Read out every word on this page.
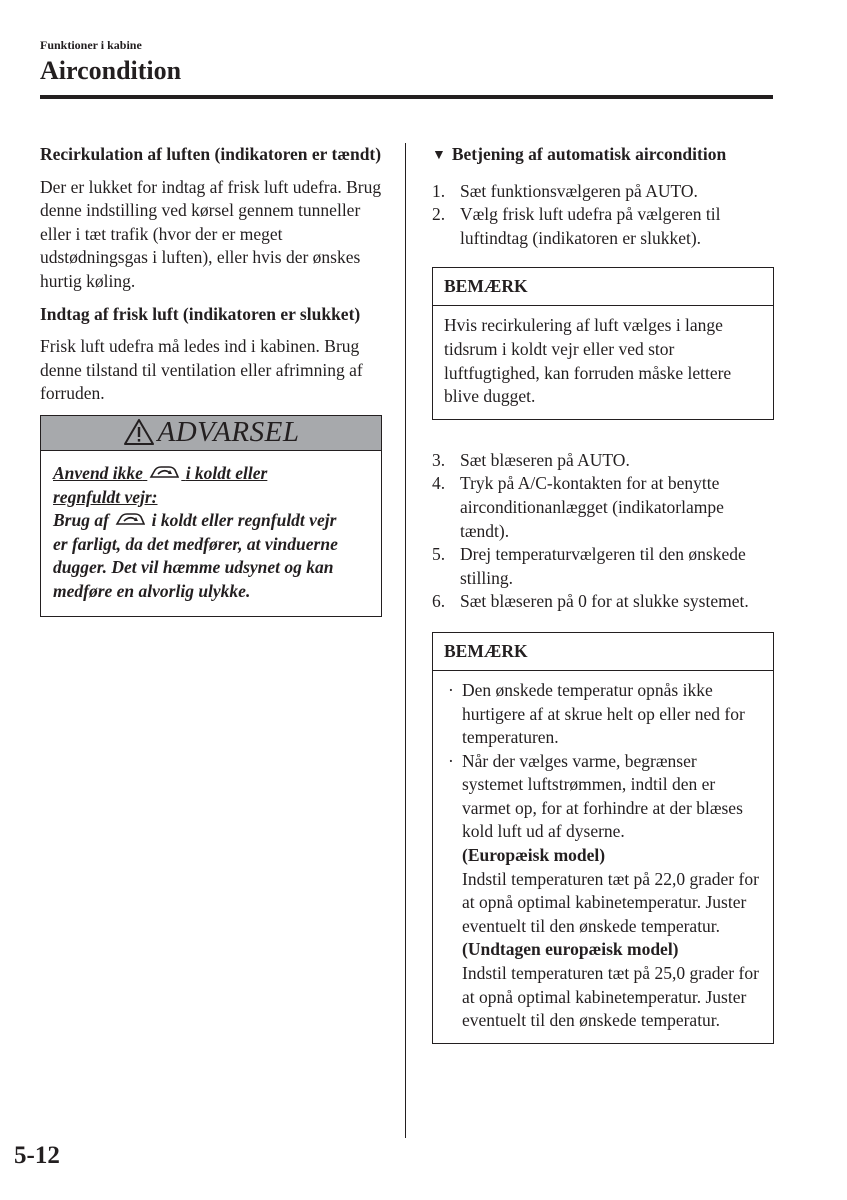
Funktioner i kabine
Aircondition

Recirkulation af luften (indikatoren er tændt)

Der er lukket for indtag af frisk luft udefra. Brug denne indstilling ved kørsel gennem tunneller eller i tæt trafik (hvor der er meget udstødningsgas i luften), eller hvis der ønskes hurtig køling.

Indtag af frisk luft (indikatoren er slukket)

Frisk luft udefra må ledes ind i kabinen. Brug denne tilstand til ventilation eller afrimning af forruden.

ADVARSEL
Anvend ikke i koldt eller
regnfuldt vejr:
Brug af i koldt eller regnfuldt vejr
er farligt, da det medfører, at vinduerne dugger. Det vil hæmme udsynet og kan medføre en alvorlig ulykke.

▼ Betjening af automatisk aircondition

1. Sæt funktionsvælgeren på AUTO.
2. Vælg frisk luft udefra på vælgeren til luftindtag (indikatoren er slukket).
BEMÆRK
Hvis recirkulering af luft vælges i lange tidsrum i koldt vejr eller ved stor luftfugtighed, kan forruden måske lettere blive dugget.
3. Sæt blæseren på AUTO.
4. Tryk på A/C-kontakten for at benytte airconditionanlægget (indikatorlampe tændt).
5. Drej temperaturvælgeren til den ønskede stilling.
6. Sæt blæseren på 0 for at slukke systemet.
BEMÆRK
· Den ønskede temperatur opnås ikke hurtigere af at skrue helt op eller ned for temperaturen.
· Når der vælges varme, begrænser systemet luftstrømmen, indtil den er varmet op, for at forhindre at der blæses kold luft ud af dyserne.
(Europæisk model)
Indstil temperaturen tæt på 22,0 grader for at opnå optimal kabinetemperatur. Juster eventuelt til den ønskede temperatur.
(Undtagen europæisk model)
Indstil temperaturen tæt på 25,0 grader for at opnå optimal kabinetemperatur. Juster eventuelt til den ønskede temperatur.
5-12
